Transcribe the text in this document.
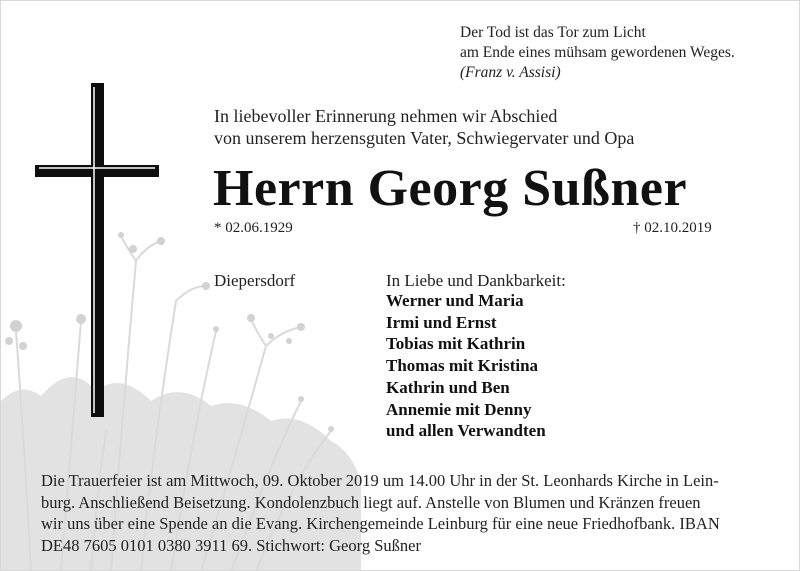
Der Tod ist das Tor zum Licht
am Ende eines mühsam gewordenen Weges.
(Franz v. Assisi)
In liebevoller Erinnerung nehmen wir Abschied
von unserem herzensguten Vater, Schwiegervater und Opa
Herrn Georg Sußner
* 02.06.1929	† 02.10.2019
Diepersdorf	In Liebe und Dankbarkeit:
Werner und Maria
Irmi und Ernst
Tobias mit Kathrin
Thomas mit Kristina
Kathrin und Ben
Annemie mit Denny
und allen Verwandten
Die Trauerfeier ist am Mittwoch, 09. Oktober 2019 um 14.00 Uhr in der St. Leonhards Kirche in Lein-
burg. Anschließend Beisetzung. Kondolenzbuch liegt auf. Anstelle von Blumen und Kränzen freuen
wir uns über eine Spende an die Evang. Kirchengemeinde Leinburg für eine neue Friedhofbank. IBAN
DE48 7605 0101 0380 3911 69. Stichwort: Georg Sußner
